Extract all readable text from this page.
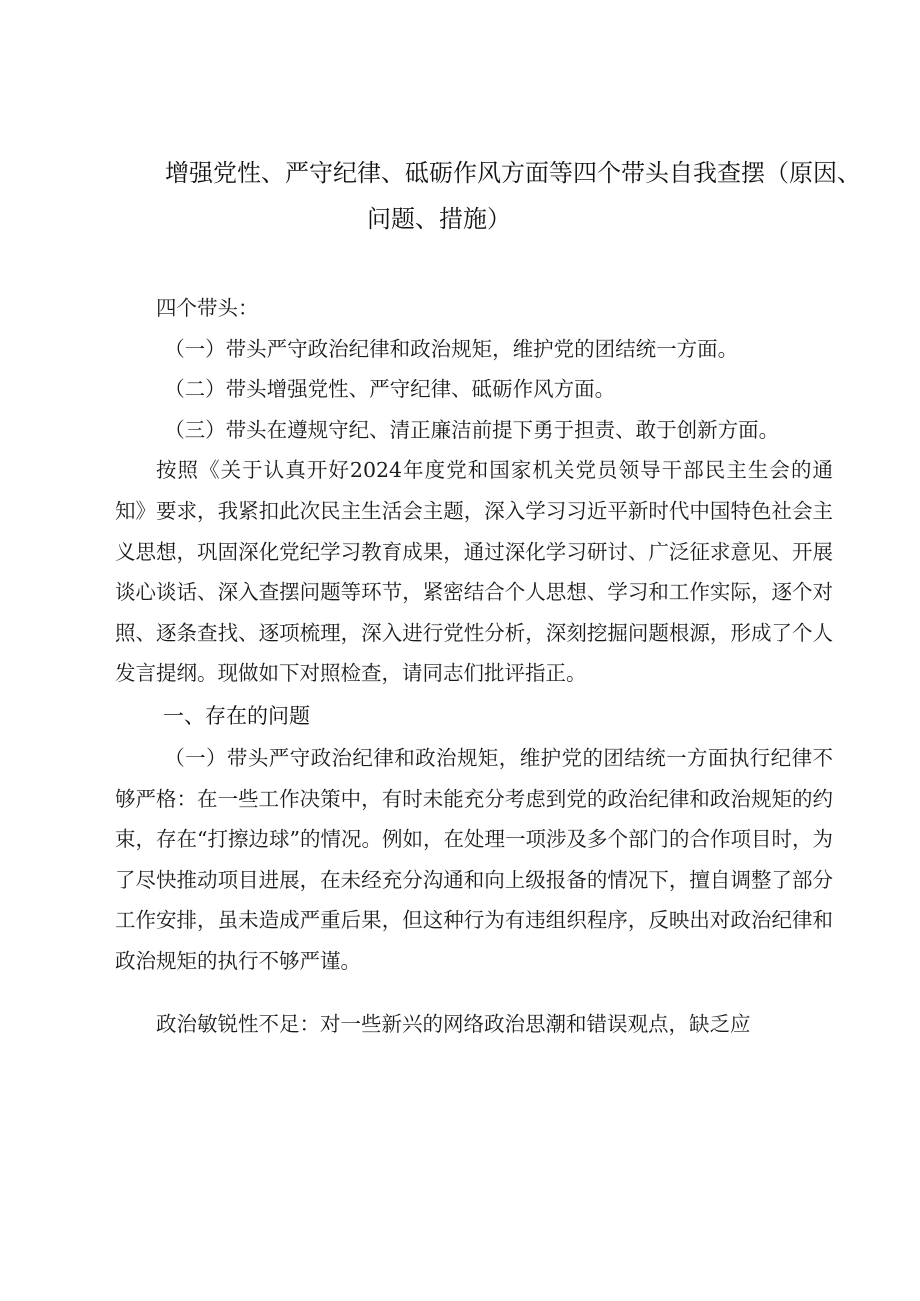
增强党性、严守纪律、砥砺作风方面等四个带头自我查摆（原因、
问题、措施）

四个带头：

（一）带头严守政治纪律和政治规矩，维护党的团结统一方面。

（二）带头增强党性、严守纪律、砥砺作风方面。

（三）带头在遵规守纪、清正廉洁前提下勇于担责、敢于创新方面。

按照《关于认真开好2024年度党和国家机关党员领导干部民主生会的通知》要求，我紧扣此次民主生活会主题，深入学习习近平新时代中国特色社会主义思想，巩固深化党纪学习教育成果，通过深化学习研讨、广泛征求意见、开展谈心谈话、深入查摆问题等环节，紧密结合个人思想、学习和工作实际，逐个对照、逐条查找、逐项梳理，深入进行党性分析，深刻挖掘问题根源，形成了个人发言提纲。现做如下对照检查，请同志们批评指正。

一、存在的问题

（一）带头严守政治纪律和政治规矩，维护党的团结统一方面执行纪律不够严格：在一些工作决策中，有时未能充分考虑到党的政治纪律和政治规矩的约束，存在“打擦边球”的情况。例如，在处理一项涉及多个部门的合作项目时，为了尽快推动项目进展，在未经充分沟通和向上级报备的情况下，擅自调整了部分工作安排，虽未造成严重后果，但这种行为有违组织程序，反映出对政治纪律和政治规矩的执行不够严谨。

政治敏锐性不足：对一些新兴的网络政治思潮和错误观点，缺乏应
